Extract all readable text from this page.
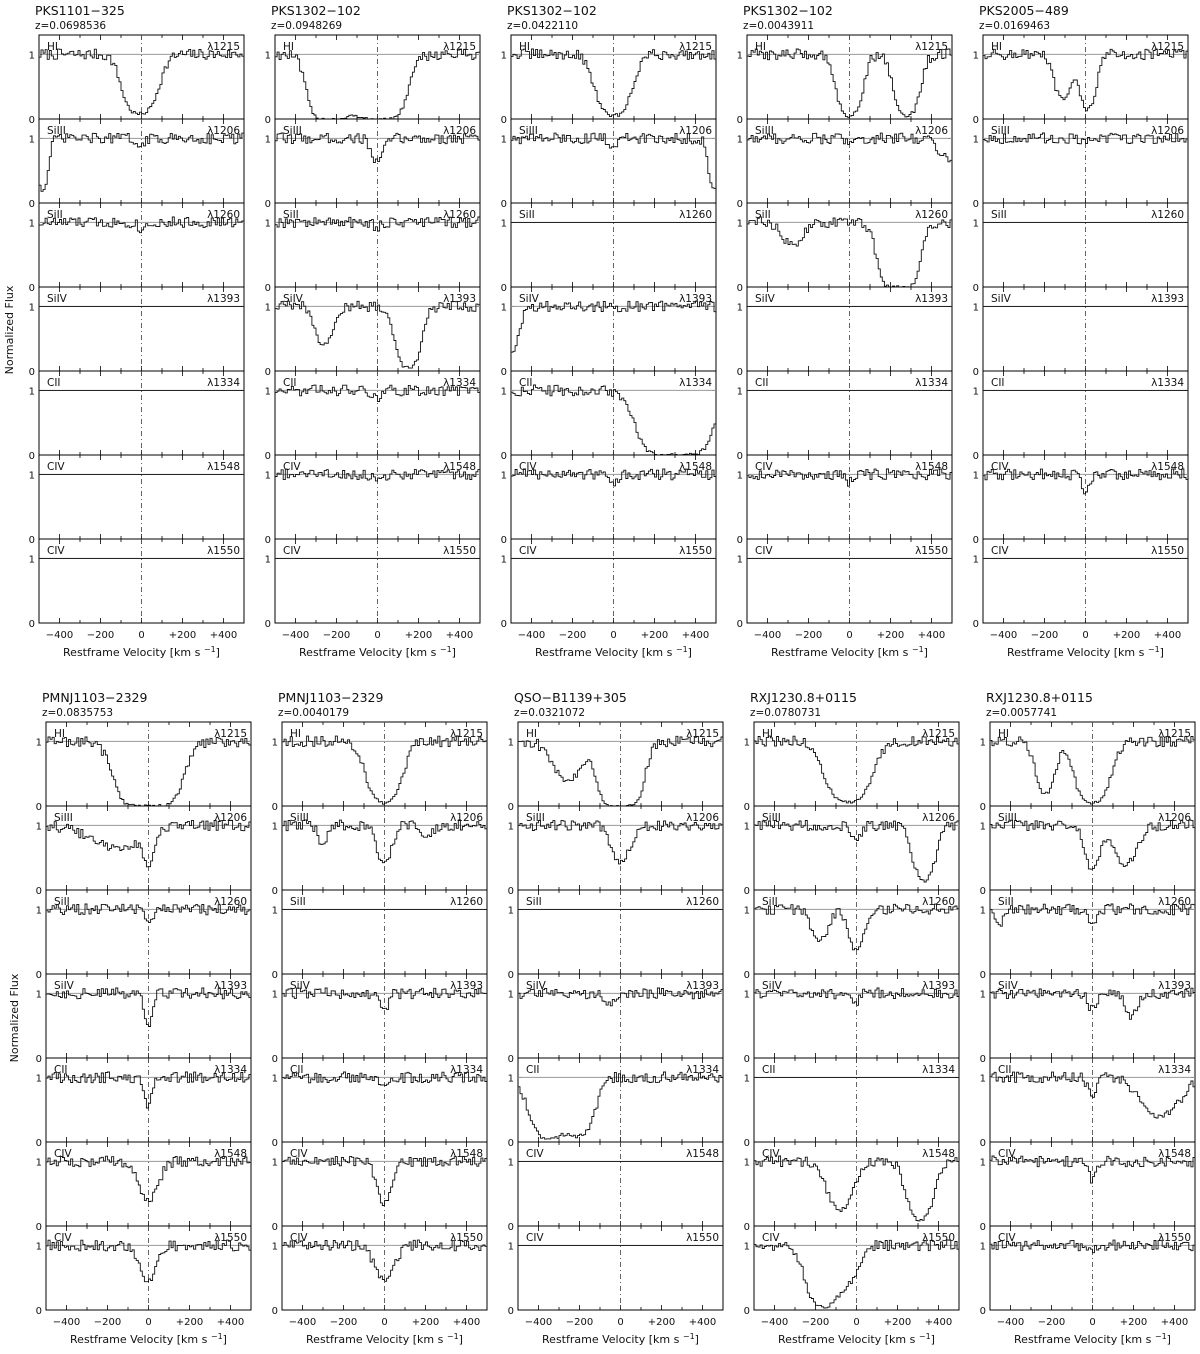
Normalized Flux
Normalized Flux
PKS1101−325
z=0.0698536
0
1
HI	λ1215
0
1
SiIII	λ1206
0
1
SiII	λ1260
0
1
SiIV	λ1393
0
1
CII	λ1334
0
1
CIV	λ1548
0
1
CIV	λ1550
−400 −200 0 +200 +400
Restframe Velocity [km s $^{-1}$]
PKS1302−102
z=0.0948269
0
1
HI	λ1215
0
1
SiIII	λ1206
0
1
SiII	λ1260
0
1
SiIV	λ1393
0
1
CII	λ1334
0
1
CIV	λ1548
0
1
CIV	λ1550
−400 −200 0 +200 +400
Restframe Velocity [km s $^{-1}$]
PKS1302−102
z=0.0422110
0
1
HI	λ1215
0
1
SiIII	λ1206
0
1
SiII	λ1260
0
1
SiIV	λ1393
0
1
CII	λ1334
0
1
CIV	λ1548
0
1
CIV	λ1550
−400 −200 0 +200 +400
Restframe Velocity [km s $^{-1}$]
PKS1302−102
z=0.0043911
0
1
HI	λ1215
0
1
SiIII	λ1206
0
1
SiII	λ1260
0
1
SiIV	λ1393
0
1
CII	λ1334
0
1
CIV	λ1548
0
1
CIV	λ1550
−400 −200 0 +200 +400
Restframe Velocity [km s $^{-1}$]
PKS2005−489
z=0.0169463
0
1
HI	λ1215
0
1
SiIII	λ1206
0
1
SiII	λ1260
0
1
SiIV	λ1393
0
1
CII	λ1334
0
1
CIV	λ1548
0
1
CIV	λ1550
−400 −200 0 +200 +400
Restframe Velocity [km s $^{-1}$]
PMNJ1103−2329
z=0.0835753
0
1
HI	λ1215
0
1
SiIII	λ1206
0
1
SiII	λ1260
0
1
SiIV	λ1393
0
1
CII	λ1334
0
1
CIV	λ1548
0
1
CIV	λ1550
−400 −200 0 +200 +400
Restframe Velocity [km s $^{-1}$]
PMNJ1103−2329
z=0.0040179
0
1
HI	λ1215
0
1
SiIII	λ1206
0
1
SiII	λ1260
0
1
SiIV	λ1393
0
1
CII	λ1334
0
1
CIV	λ1548
0
1
CIV	λ1550
−400 −200 0 +200 +400
Restframe Velocity [km s $^{-1}$]
QSO−B1139+305
z=0.0321072
0
1
HI	λ1215
0
1
SiIII	λ1206
0
1
SiII	λ1260
0
1
SiIV	λ1393
0
1
CII	λ1334
0
1
CIV	λ1548
0
1
CIV	λ1550
−400 −200 0 +200 +400
Restframe Velocity [km s $^{-1}$]
RXJ1230.8+0115
z=0.0780731
0
1
HI	λ1215
0
1
SiIII	λ1206
0
1
SiII	λ1260
0
1
SiIV	λ1393
0
1
CII	λ1334
0
1
CIV	λ1548
0
1
CIV	λ1550
−400 −200 0 +200 +400
Restframe Velocity [km s $^{-1}$]
RXJ1230.8+0115
z=0.0057741
0
1
HI	λ1215
0
1
SiIII	λ1206
0
1
SiII	λ1260
0
1
SiIV	λ1393
0
1
CII	λ1334
0
1
CIV	λ1548
0
1
CIV	λ1550
−400 −200 0 +200 +400
Restframe Velocity [km s $^{-1}$]
